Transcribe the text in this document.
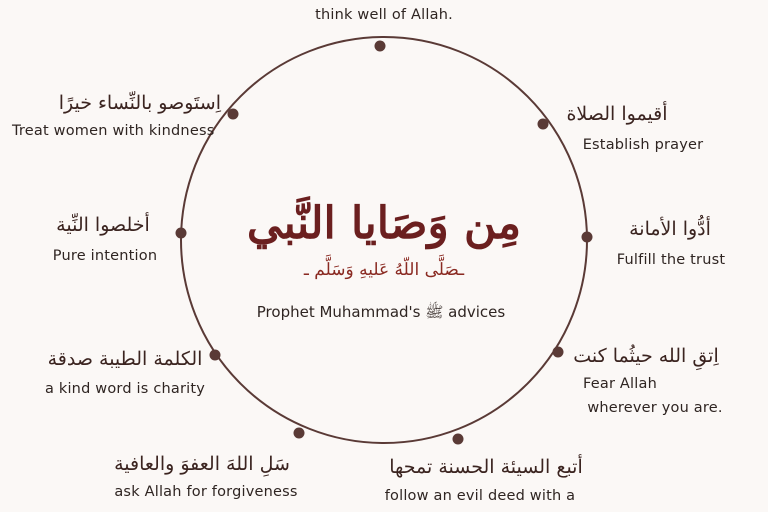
مِن وَصَايا النَّبي
ـصَلَّى اللّهُ عَليهِ وَسَلَّم ـ
Prophet Muhammad's ﷺ advices
think well of Allah.
اِستَوصو بالنِّساء خيرًا
Treat women with kindness
أقيموا الصلاة
Establish prayer
أخلصوا النِّية
Pure intention
أدُّوا الأمانة
Fulfill the trust
الكلمة الطيبة صدقة
a kind word is charity
اِتقِ الله حيثُما كنت
Fear Allah
wherever you are.
سَلِ اللهَ العفوَ والعافية
ask Allah for forgiveness
أتبع السيئة الحسنة تمحها
follow an evil deed with a
